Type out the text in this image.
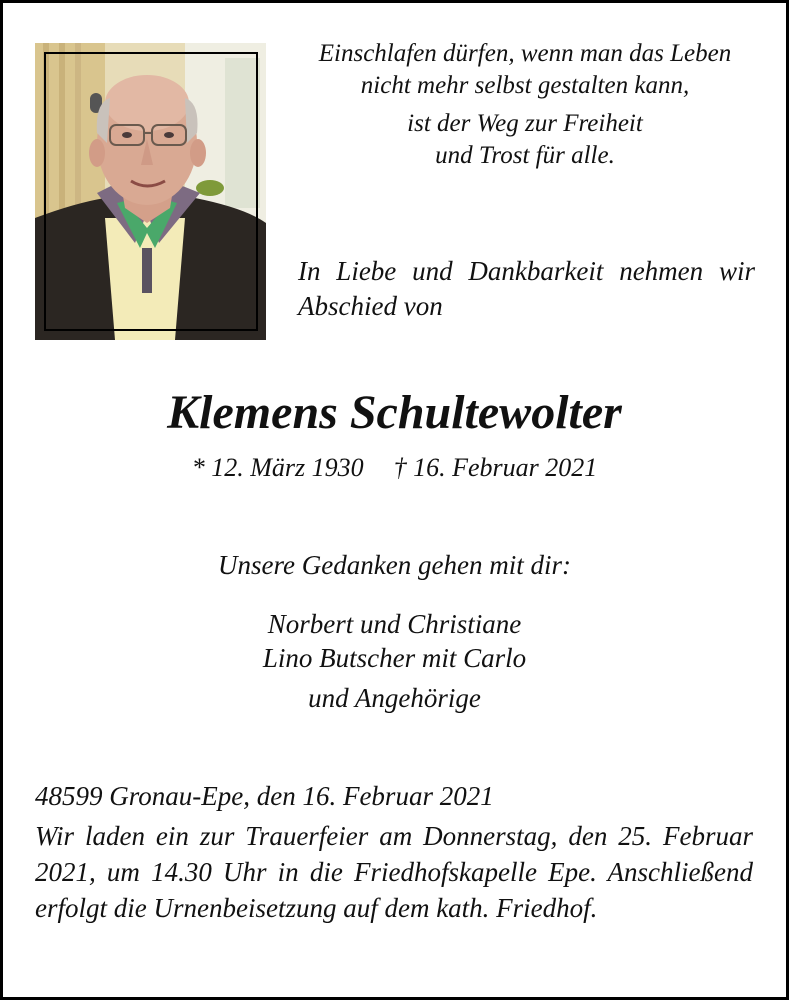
Einschlafen dürfen, wenn man das Leben
nicht mehr selbst gestalten kann,
ist der Weg zur Freiheit
und Trost für alle.
In Liebe und Dankbarkeit nehmen wir Abschied von
Klemens Schultewolter
* 12. März 1930 † 16. Februar 2021
Unsere Gedanken gehen mit dir:
Norbert und Christiane
Lino Butscher mit Carlo
und Angehörige
48599 Gronau-Epe, den 16. Februar 2021
Wir laden ein zur Trauerfeier am Donnerstag, den 25. Februar 2021, um 14.30 Uhr in die Friedhofskapelle Epe. Anschließend erfolgt die Urnenbeisetzung auf dem kath. Friedhof.
